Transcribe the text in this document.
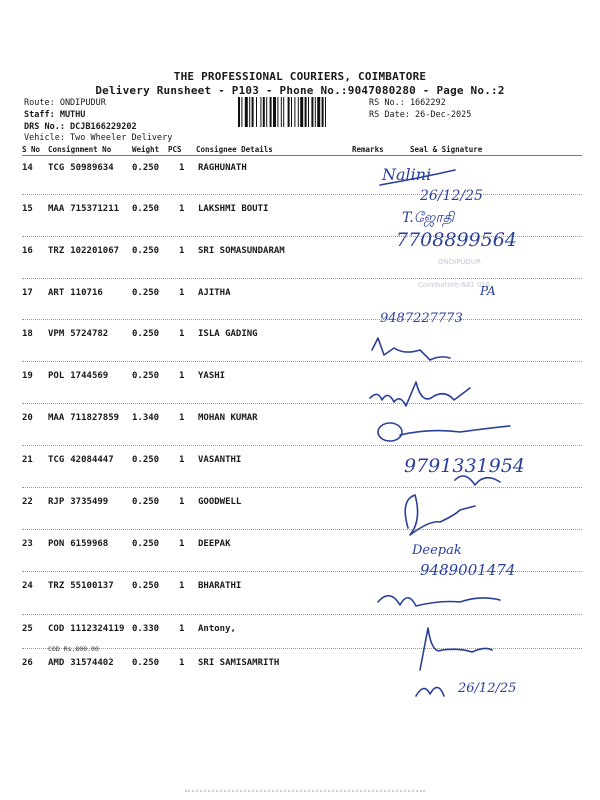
THE PROFESSIONAL COURIERS, COIMBATORE
Delivery Runsheet - P103 - Phone No.:9047080280 - Page No.:2
Route: ONDIPUDUR
Staff: MUTHU
DRS No.: DCJB166229202
Vehicle: Two Wheeler Delivery
RS No.: 1662292
RS Date: 26-Dec-2025
S No Consignment No	Weight PCS Consignee Details	Remarks	Seal & Signature
14 TCG 50989634 0.250 1 RAGHUNATH
15 MAA 715371211 0.250 1 LAKSHMI BOUTI
16 TRZ 102201067 0.250 1 SRI SOMASUNDARAM
17 ART 110716	0.250 1 AJITHA
18 VPM 5724782	0.250 1 ISLA GADING
19 POL 1744569	0.250 1 YASHI
20 MAA 711827859 1.340 1 MOHAN KUMAR
21 TCG 42084447 0.250 1 VASANTHI
22 RJP 3735499	0.250 1 GOODWELL
23 PON 6159968	0.250 1 DEEPAK
24 TRZ 55100137 0.250 1 BHARATHI
25 COD 1112324119 0.330 1 Antony,
26 AMD 31574402 0.250 1 SRI SAMISAMRITH
COD Rs.800.00
ONDIPUDUR
Coimbatore-641 016
Nalini
26/12/25
T.ஜோதி
7708899564
PA
9487227773
9791331954
Deepak
9489001474
26/12/25
